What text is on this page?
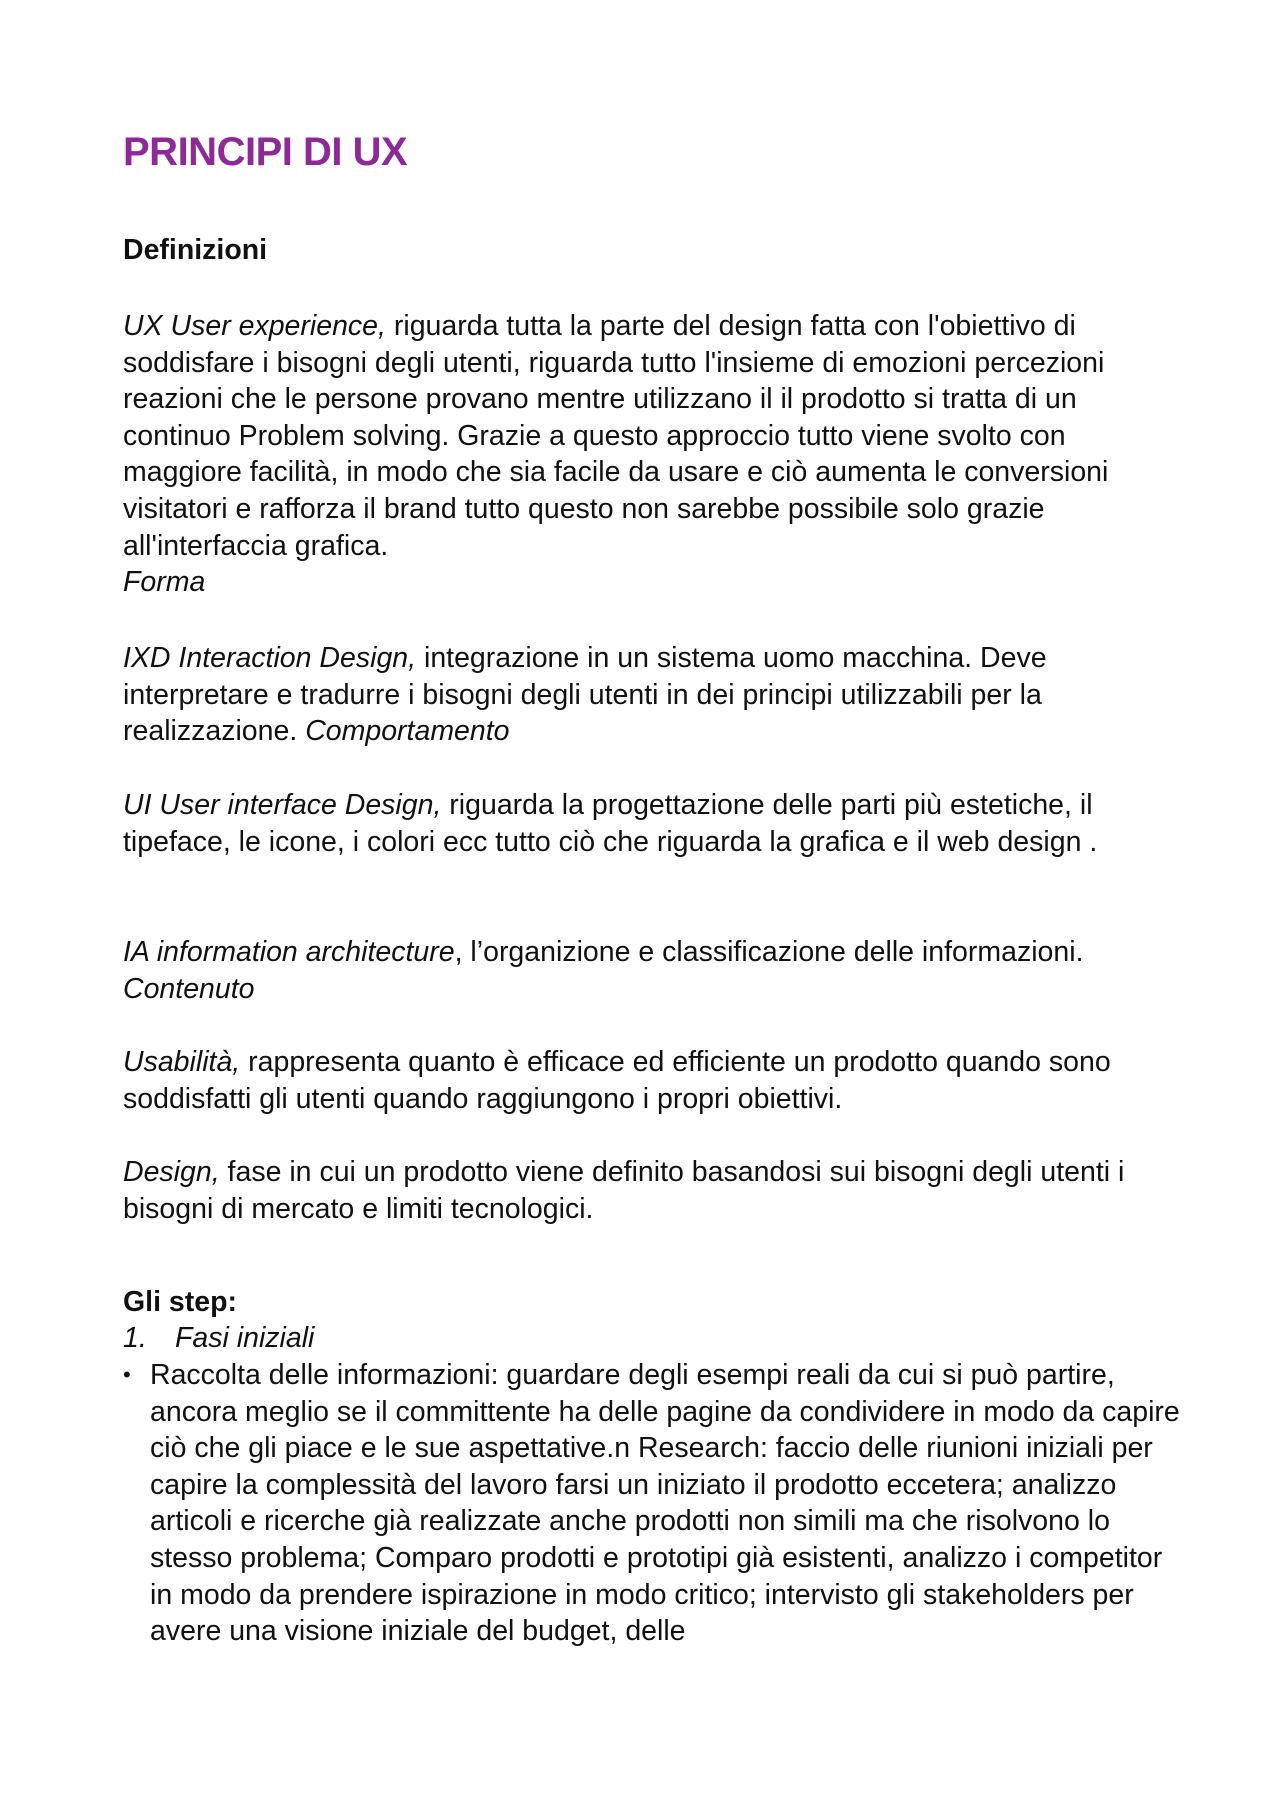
PRINCIPI DI UX
Definizioni

UX User experience, riguarda tutta la parte del design fatta con l'obiettivo di soddisfare i bisogni degli utenti, riguarda tutto l'insieme di emozioni percezioni reazioni che le persone provano mentre utilizzano il il prodotto si tratta di un continuo Problem solving. Grazie a questo approccio tutto viene svolto con maggiore facilità, in modo che sia facile da usare e ciò aumenta le conversioni visitatori e rafforza il brand tutto questo non sarebbe possibile solo grazie all'interfaccia grafica.
Forma

IXD Interaction Design, integrazione in un sistema uomo macchina. Deve interpretare e tradurre i bisogni degli utenti in dei principi utilizzabili per la realizzazione. Comportamento

UI User interface Design, riguarda la progettazione delle parti più estetiche, il tipeface, le icone, i colori ecc tutto ciò che riguarda la grafica e il web design .

IA information architecture, l’organizione e classificazione delle informazioni. Contenuto

Usabilità, rappresenta quanto è efficace ed efficiente un prodotto quando sono soddisfatti gli utenti quando raggiungono i propri obiettivi.

Design, fase in cui un prodotto viene definito basandosi sui bisogni degli utenti i bisogni di mercato e limiti tecnologici.

Gli step:

1. Fasi iniziali

• Raccolta delle informazioni: guardare degli esempi reali da cui si può partire, ancora meglio se il committente ha delle pagine da condividere in modo da capire ciò che gli piace e le sue aspettative.n Research: faccio delle riunioni iniziali per capire la complessità del lavoro farsi un iniziato il prodotto eccetera; analizzo articoli e ricerche già realizzate anche prodotti non simili ma che risolvono lo stesso problema; Comparo prodotti e prototipi già esistenti, analizzo i competitor in modo da prendere ispirazione in modo critico; intervisto gli stakeholders per avere una visione iniziale del budget, delle
